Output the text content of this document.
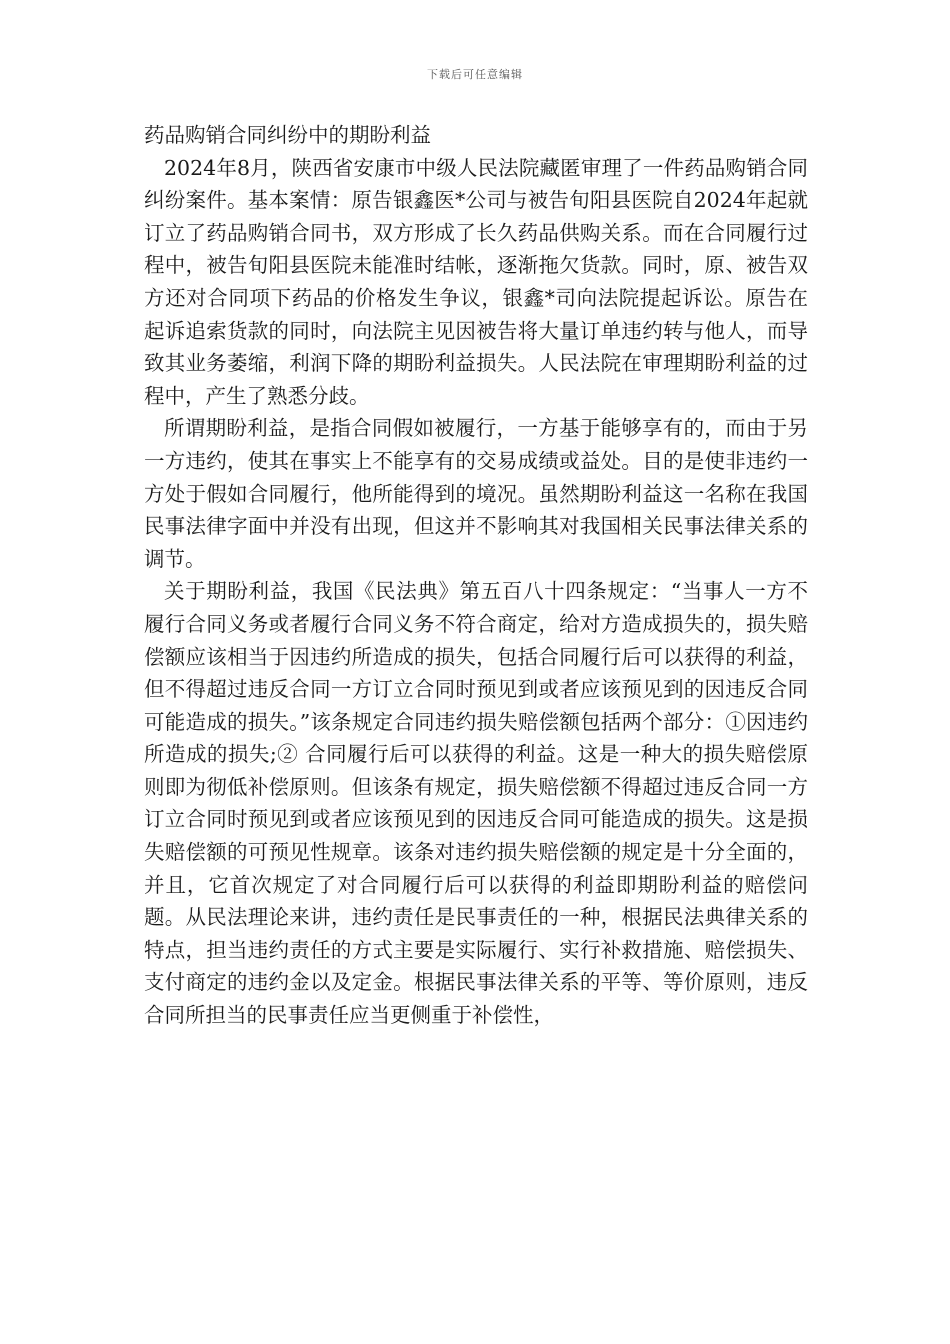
下载后可任意编辑

药品购销合同纠纷中的期盼利益

2024年8月，陕西省安康市中级人民法院藏匿审理了一件药品购销合同纠纷案件。基本案情：原告银鑫医*公司与被告旬阳县医院自2024年起就订立了药品购销合同书，双方形成了长久药品供购关系。而在合同履行过程中，被告旬阳县医院未能准时结帐，逐渐拖欠货款。同时，原、被告双方还对合同项下药品的价格发生争议，银鑫*司向法院提起诉讼。原告在起诉追索货款的同时，向法院主见因被告将大量订单违约转与他人，而导致其业务萎缩，利润下降的期盼利益损失。人民法院在审理期盼利益的过程中，产生了熟悉分歧。

所谓期盼利益，是指合同假如被履行，一方基于能够享有的，而由于另一方违约，使其在事实上不能享有的交易成绩或益处。目的是使非违约一方处于假如合同履行，他所能得到的境况。虽然期盼利益这一名称在我国民事法律字面中并没有出现，但这并不影响其对我国相关民事法律关系的调节。

关于期盼利益，我国《民法典》第五百八十四条规定：“当事人一方不履行合同义务或者履行合同义务不符合商定，给对方造成损失的，损失赔偿额应该相当于因违约所造成的损失，包括合同履行后可以获得的利益，但不得超过违反合同一方订立合同时预见到或者应该预见到的因违反合同可能造成的损失。”该条规定合同违约损失赔偿额包括两个部分：①因违约所造成的损失;② 合同履行后可以获得的利益。这是一种大的损失赔偿原则即为彻低补偿原则。但该条有规定，损失赔偿额不得超过违反合同一方订立合同时预见到或者应该预见到的因违反合同可能造成的损失。这是损失赔偿额的可预见性规章。该条对违约损失赔偿额的规定是十分全面的，并且，它首次规定了对合同履行后可以获得的利益即期盼利益的赔偿问题。从民法理论来讲，违约责任是民事责任的一种，根据民法典律关系的特点，担当违约责任的方式主要是实际履行、实行补救措施、赔偿损失、支付商定的违约金以及定金。根据民事法律关系的平等、等价原则，违反合同所担当的民事责任应当更侧重于补偿性，
